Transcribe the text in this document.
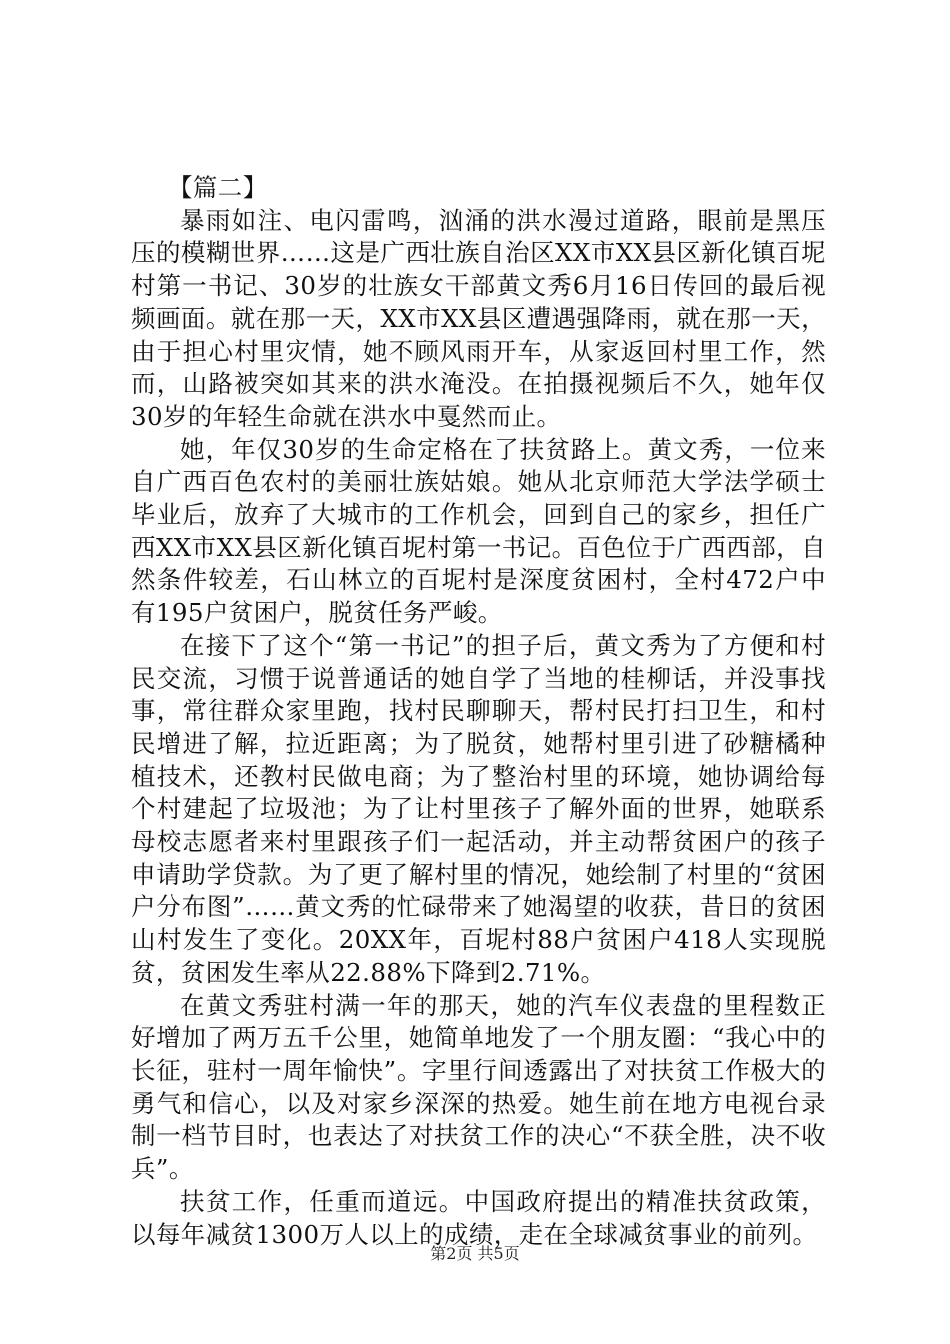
【篇二】

暴雨如注、电闪雷鸣，汹涌的洪水漫过道路，眼前是黑压压的模糊世界……这是广西壮族自治区XX市XX县区新化镇百坭村第一书记、30岁的壮族女干部黄文秀6月16日传回的最后视频画面。就在那一天，XX市XX县区遭遇强降雨，就在那一天，由于担心村里灾情，她不顾风雨开车，从家返回村里工作，然而，山路被突如其来的洪水淹没。在拍摄视频后不久，她年仅30岁的年轻生命就在洪水中戛然而止。

她，年仅30岁的生命定格在了扶贫路上。黄文秀，一位来自广西百色农村的美丽壮族姑娘。她从北京师范大学法学硕士毕业后，放弃了大城市的工作机会，回到自己的家乡，担任广西XX市XX县区新化镇百坭村第一书记。百色位于广西西部，自然条件较差，石山林立的百坭村是深度贫困村，全村472户中有195户贫困户，脱贫任务严峻。

在接下了这个“第一书记”的担子后，黄文秀为了方便和村民交流，习惯于说普通话的她自学了当地的桂柳话，并没事找事，常往群众家里跑，找村民聊聊天，帮村民打扫卫生，和村民增进了解，拉近距离；为了脱贫，她帮村里引进了砂糖橘种植技术，还教村民做电商；为了整治村里的环境，她协调给每个村建起了垃圾池；为了让村里孩子了解外面的世界，她联系母校志愿者来村里跟孩子们一起活动，并主动帮贫困户的孩子申请助学贷款。为了更了解村里的情况，她绘制了村里的“贫困户分布图”……黄文秀的忙碌带来了她渴望的收获，昔日的贫困山村发生了变化。20XX年，百坭村88户贫困户418人实现脱贫，贫困发生率从22.88%下降到2.71%。

在黄文秀驻村满一年的那天，她的汽车仪表盘的里程数正好增加了两万五千公里，她简单地发了一个朋友圈：“我心中的长征，驻村一周年愉快”。字里行间透露出了对扶贫工作极大的勇气和信心，以及对家乡深深的热爱。她生前在地方电视台录制一档节目时，也表达了对扶贫工作的决心“不获全胜，决不收兵”。

扶贫工作，任重而道远。中国政府提出的精准扶贫政策，以每年减贫1300万人以上的成绩，走在全球减贫事业的前列。

第2页 共5页
